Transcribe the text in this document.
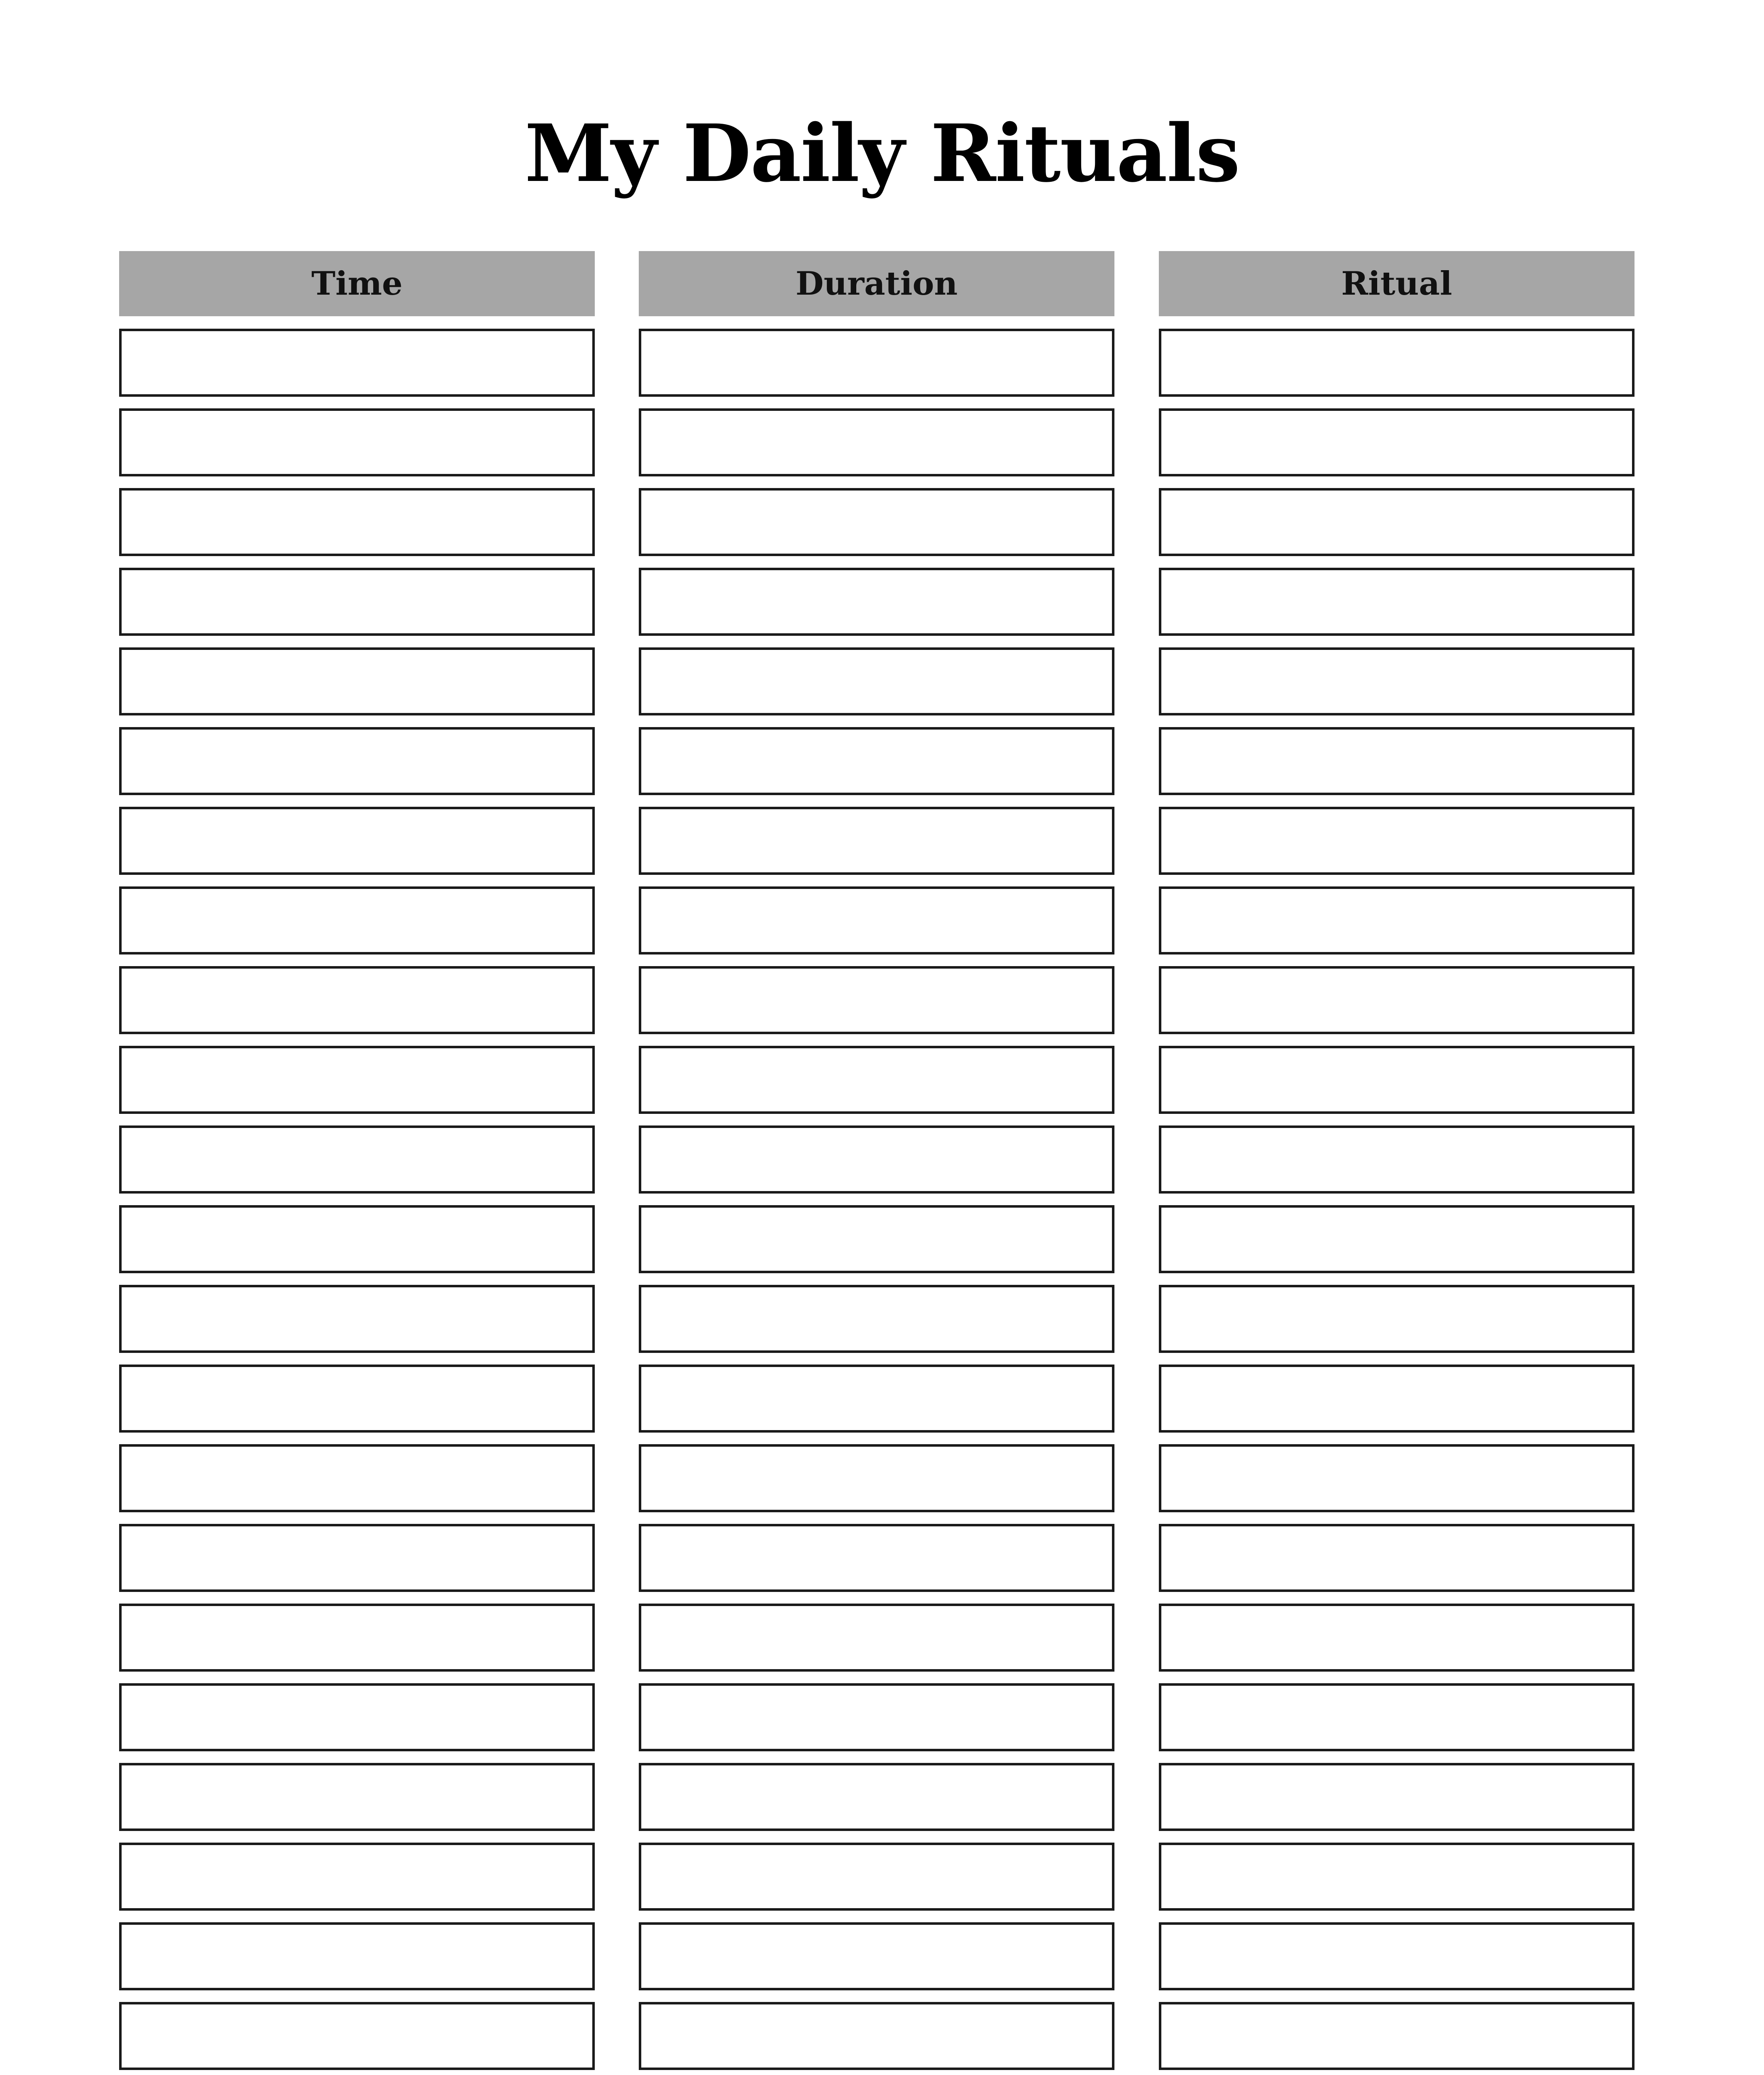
My Daily Rituals
Time	Duration	Ritual
